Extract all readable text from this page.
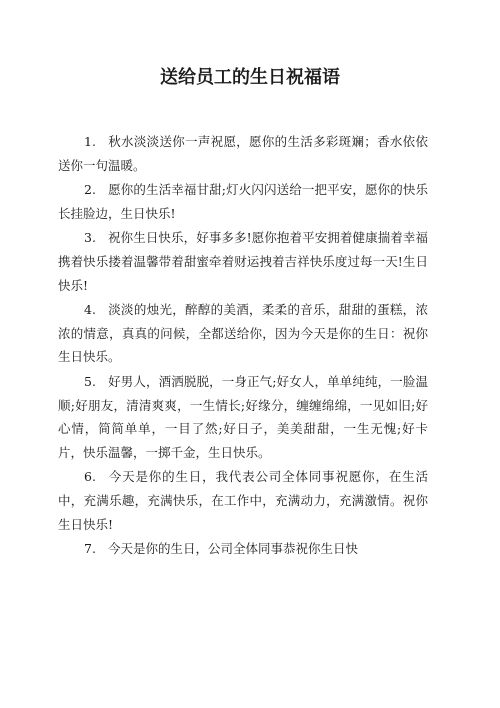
送给员工的生日祝福语

1. 秋水淡淡送你一声祝愿，愿你的生活多彩斑斓；香水依依送你一句温暖。

2. 愿你的生活幸福甘甜;灯火闪闪送给一把平安，愿你的快乐长挂脸边，生日快乐!

3. 祝你生日快乐，好事多多!愿你抱着平安拥着健康揣着幸福携着快乐搂着温馨带着甜蜜牵着财运拽着吉祥快乐度过每一天!生日快乐!

4. 淡淡的烛光，醉醇的美酒，柔柔的音乐，甜甜的蛋糕，浓浓的情意，真真的问候，全都送给你，因为今天是你的生日：祝你生日快乐。

5. 好男人，酒洒脱脱，一身正气;好女人，单单纯纯，一脸温顺;好朋友，清清爽爽，一生情长;好缘分，缠缠绵绵，一见如旧;好心情，简简单单，一目了然;好日子，美美甜甜，一生无愧;好卡片，快乐温馨，一掷千金，生日快乐。

6. 今天是你的生日，我代表公司全体同事祝愿你，在生活中，充满乐趣，充满快乐，在工作中，充满动力，充满激情。祝你生日快乐!

7. 今天是你的生日，公司全体同事恭祝你生日快
